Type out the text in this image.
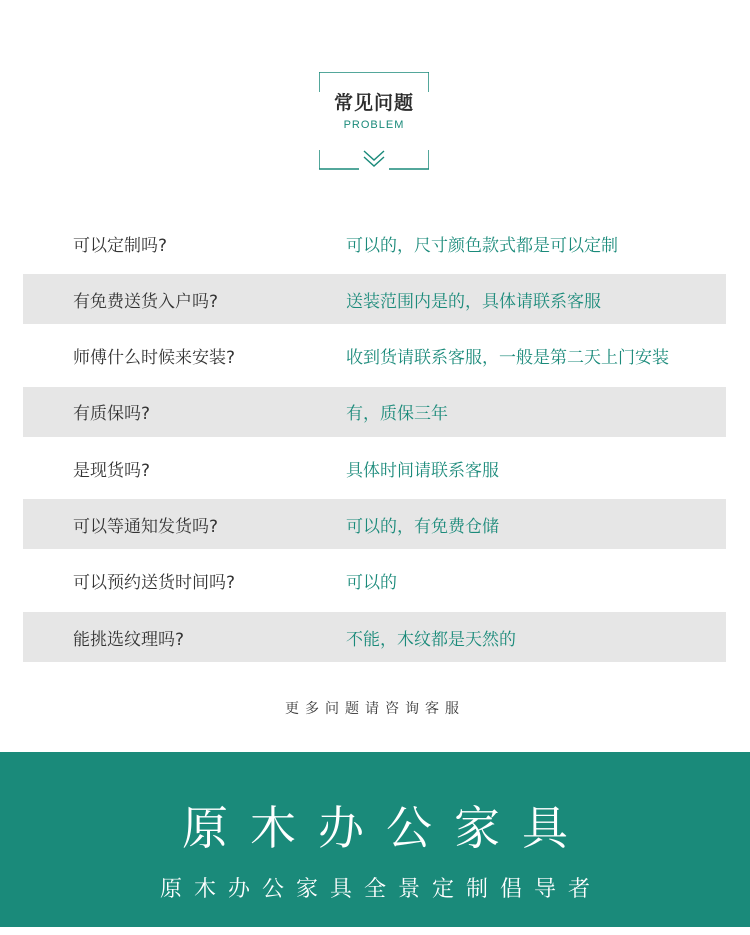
常见问题
PROBLEM
可以定制吗?	可以的，尺寸颜色款式都是可以定制
有免费送货入户吗?	送装范围内是的，具体请联系客服
师傅什么时候来安装?	收到货请联系客服，一般是第二天上门安装
有质保吗?	有，质保三年
是现货吗?	具体时间请联系客服
可以等通知发货吗?	可以的，有免费仓储
可以预约送货时间吗?	可以的
能挑选纹理吗?	不能，木纹都是天然的
更多问题请咨询客服
原木办公家具
原木办公家具全景定制倡导者
